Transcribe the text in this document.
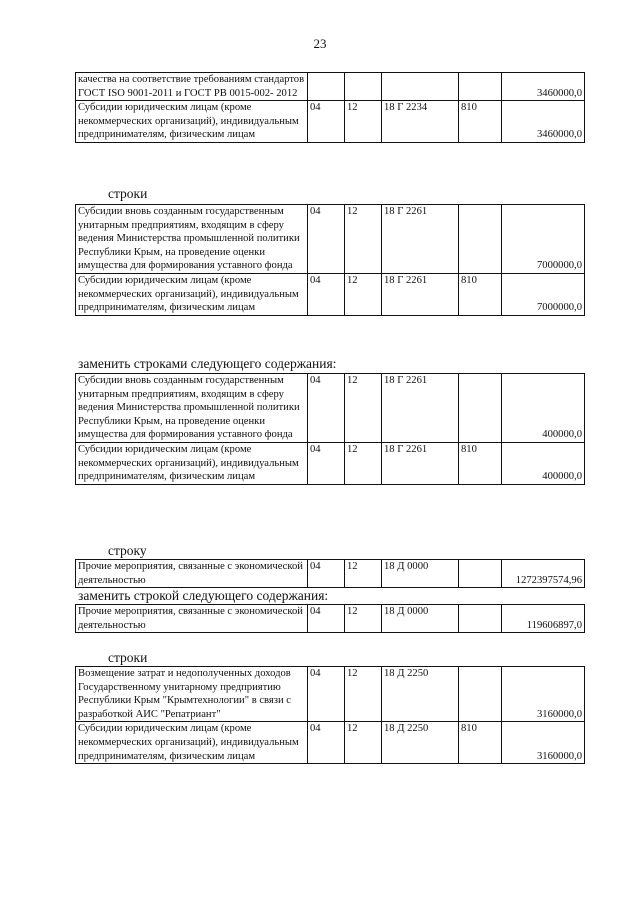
23
качества на соответствие требованиям стандартов ГОСТ ISO 9001-2011 и ГОСТ РВ 0015-002- 2012					3460000,0
Субсидии юридическим лицам (кроме некоммерческих организаций), индивидуальным предпринимателям, физическим лицам	04	12	18 Г 2234	810	3460000,0
строки
Субсидии вновь созданным государственным унитарным предприятиям, входящим в сферу ведения Министерства промышленной политики Республики Крым, на проведение оценки имущества для формирования уставного фонда	04	12	18 Г 2261		7000000,0
Субсидии юридическим лицам (кроме некоммерческих организаций), индивидуальным предпринимателям, физическим лицам	04	12	18 Г 2261	810	7000000,0
заменить строками следующего содержания:
Субсидии вновь созданным государственным унитарным предприятиям, входящим в сферу ведения Министерства промышленной политики Республики Крым, на проведение оценки имущества для формирования уставного фонда	04	12	18 Г 2261		400000,0
Субсидии юридическим лицам (кроме некоммерческих организаций), индивидуальным предпринимателям, физическим лицам	04	12	18 Г 2261	810	400000,0
строку
Прочие мероприятия, связанные с экономической деятельностью	04	12	18 Д 0000		1272397574,96
заменить строкой следующего содержания:
Прочие мероприятия, связанные с экономической деятельностью	04	12	18 Д 0000		119606897,0
строки
Возмещение затрат и недополученных доходов Государственному унитарному предприятию Республики Крым "Крымтехнологии" в связи с разработкой АИС "Репатриант"	04	12	18 Д 2250		3160000,0
Субсидии юридическим лицам (кроме некоммерческих организаций), индивидуальным предпринимателям, физическим лицам	04	12	18 Д 2250	810	3160000,0
